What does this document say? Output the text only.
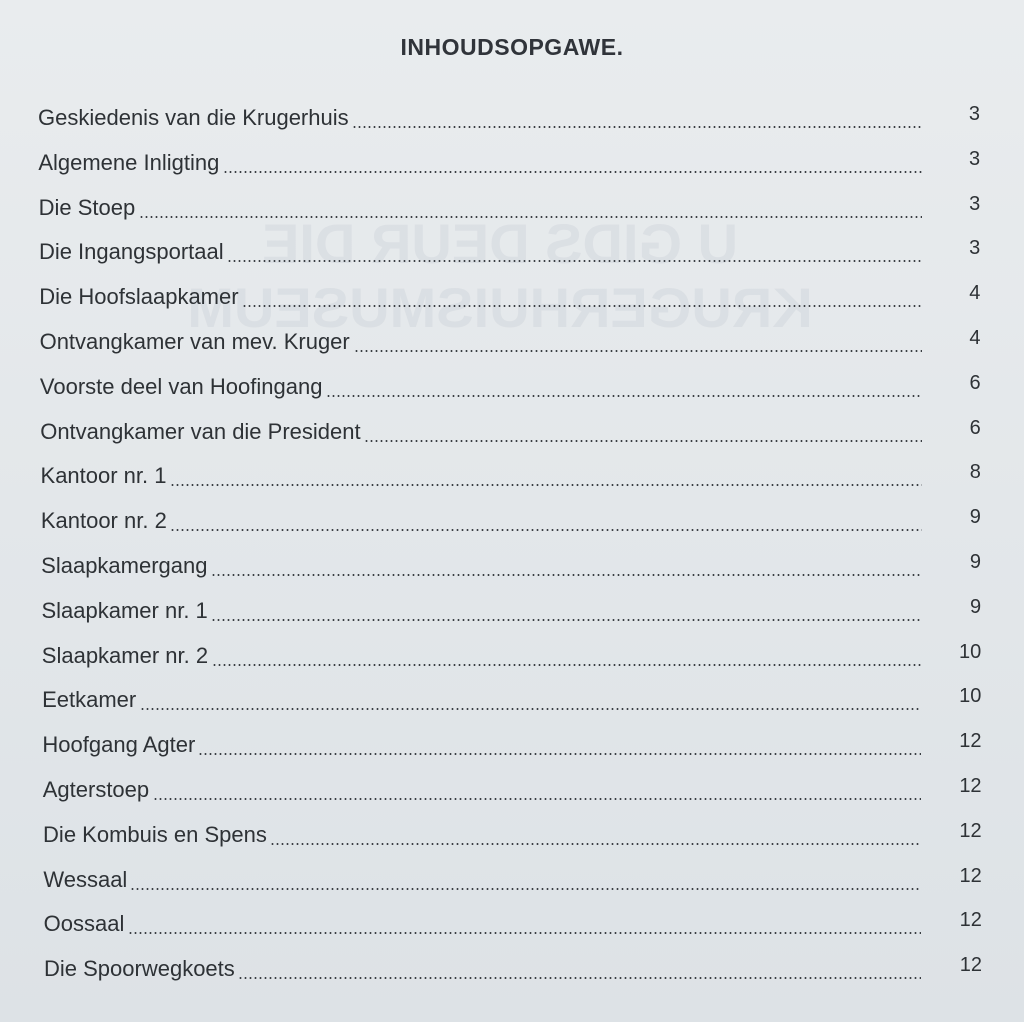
U GIDS DEUR DIE
KRUGERHUISMUSEUM
INHOUDSOPGAWE.
Geskiedenis van die Krugerhuis	3
Algemene Inligting	3
Die Stoep	3
Die Ingangsportaal	3
Die Hoofslaapkamer	4
Ontvangkamer van mev. Kruger	4
Voorste deel van Hoofingang	6
Ontvangkamer van die President	6
Kantoor nr. 1	8
Kantoor nr. 2	9
Slaapkamergang	9
Slaapkamer nr. 1	9
Slaapkamer nr. 2	10
Eetkamer	10
Hoofgang Agter	12
Agterstoep	12
Die Kombuis en Spens	12
Wessaal	12
Oossaal	12
Die Spoorwegkoets	12
